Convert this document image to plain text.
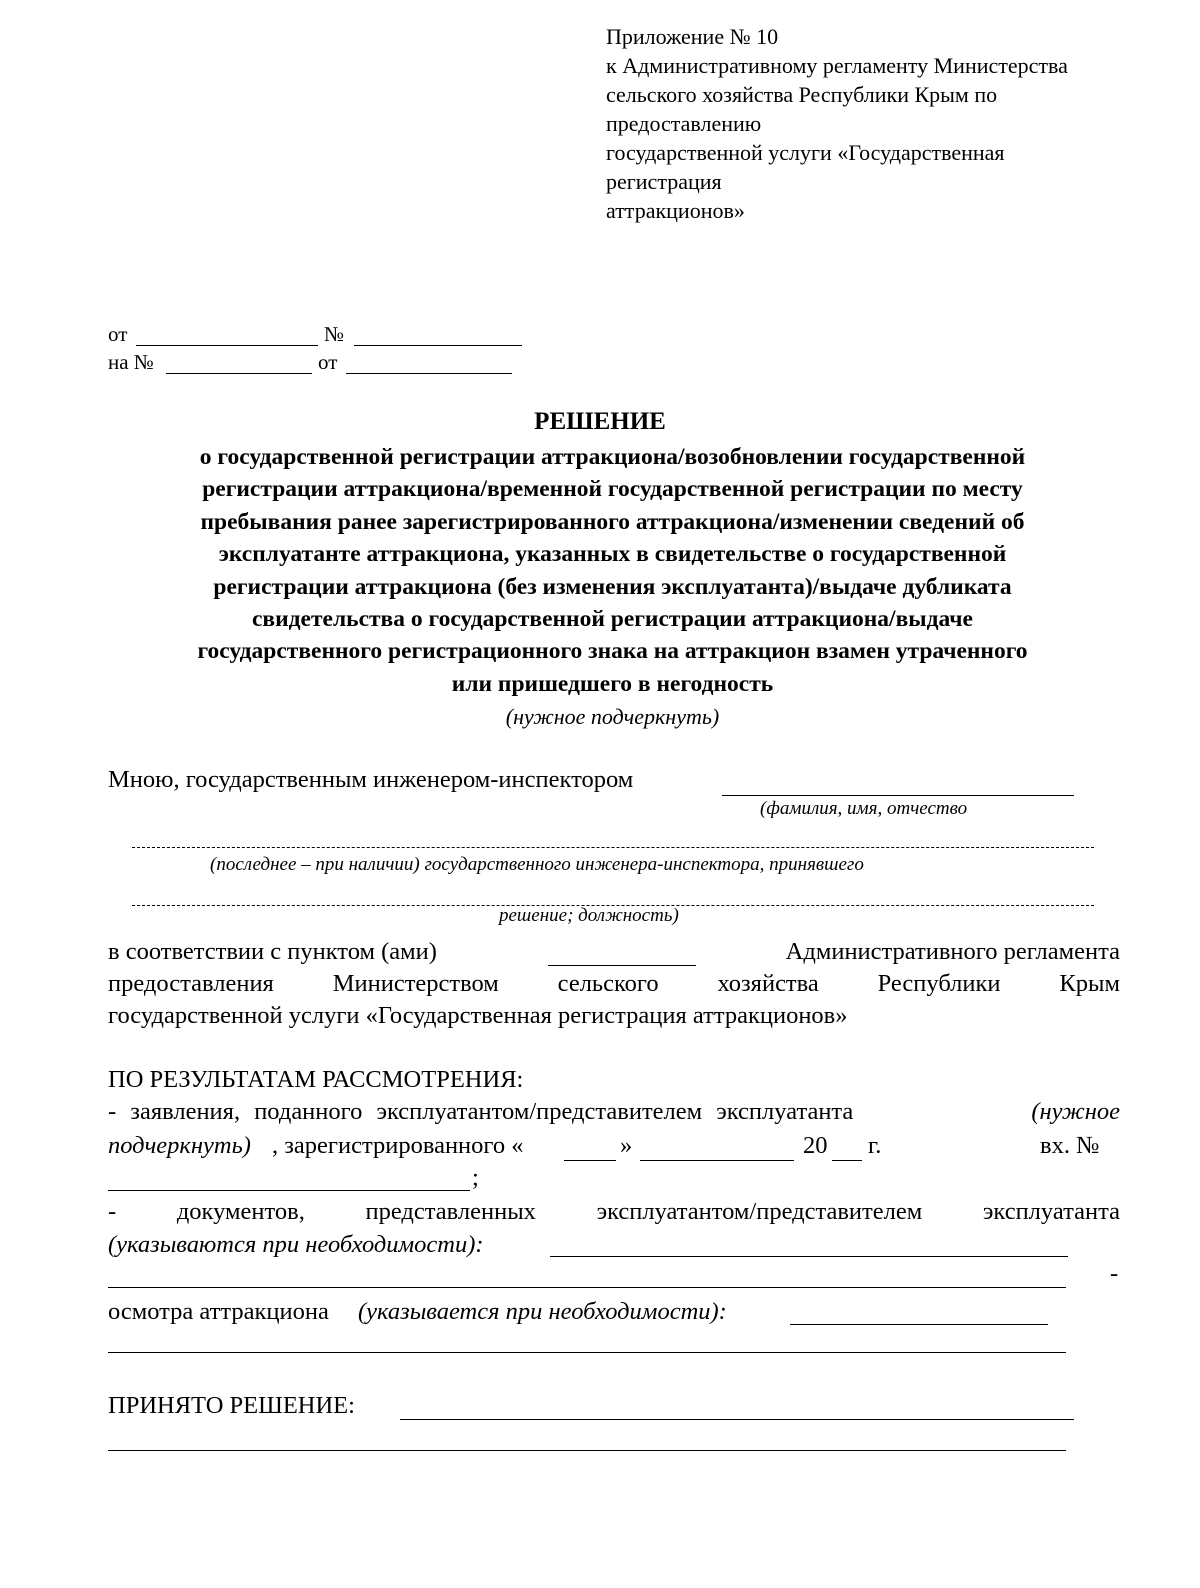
Приложение № 10
к Административному регламенту Министерства
сельского хозяйства Республики Крым по
предоставлению
государственной услуги «Государственная
регистрация
аттракционов»
от	№
на №	от
РЕШЕНИЕ
о государственной регистрации аттракциона/возобновлении государственной
регистрации аттракциона/временной государственной регистрации по месту
пребывания ранее зарегистрированного аттракциона/изменении сведений об
эксплуатанте аттракциона, указанных в свидетельстве о государственной
регистрации аттракциона (без изменения эксплуатанта)/выдаче дубликата
свидетельства о государственной регистрации аттракциона/выдаче
государственного регистрационного знака на аттракцион взамен утраченного
или пришедшего в негодность
(нужное подчеркнуть)
Мною, государственным инженером-инспектором
(фамилия, имя, отчество
(последнее – при наличии) государственного инженера-инспектора, принявшего
решение; должность)
в соответствии с пунктом (ами)	Административного регламента
предоставления Министерством сельского хозяйства Республики Крым
государственной услуги «Государственная регистрация аттракционов»
ПО РЕЗУЛЬТАТАМ РАССМОТРЕНИЯ:
- заявления, поданного эксплуатантом/представителем эксплуатанта	(нужное
подчеркнуть) , зарегистрированного «	»	20 г.	вх. №
;
- документов, представленных эксплуатантом/представителем эксплуатанта
(указываются при необходимости):
-
осмотра аттракциона (указывается при необходимости):
ПРИНЯТО РЕШЕНИЕ:
